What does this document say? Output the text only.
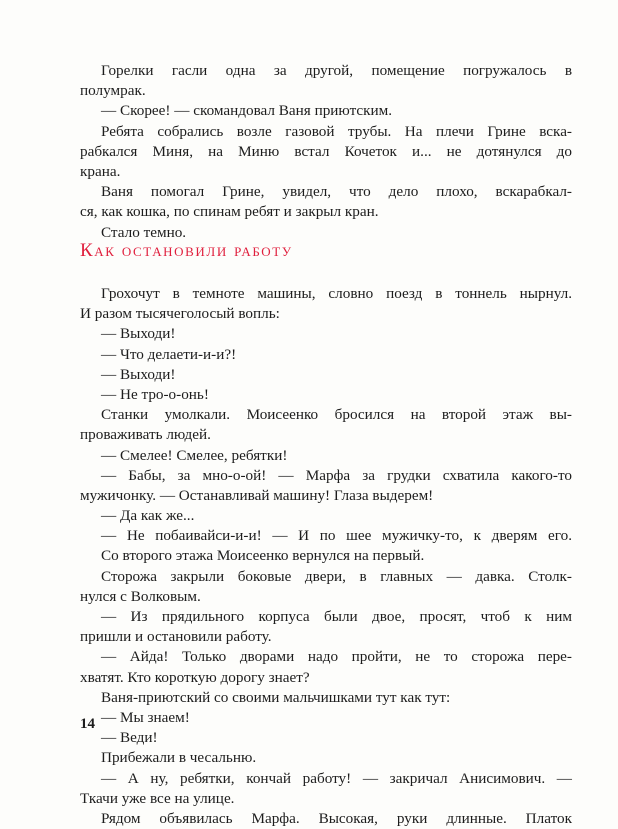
Горелки гасли одна за другой, помещение погружалось в
полумрак.
— Скорее! — скомандовал Ваня приютским.
Ребята собрались возле газовой трубы. На плечи Грине вска-
рабкался Миня, на Миню встал Кочеток и... не дотянулся до
крана.
Ваня помогал Грине, увидел, что дело плохо, вскарабкал-
ся, как кошка, по спинам ребят и закрыл кран.
Стало темно.
Как остановили работу
Грохочут в темноте машины, словно поезд в тоннель нырнул.
И разом тысячеголосый вопль:
— Выходи!
— Что делаети-и-и?!
— Выходи!
— Не тро-о-онь!
Станки умолкали. Моисеенко бросился на второй этаж вы-
проваживать людей.
— Смелее! Смелее, ребятки!
— Бабы, за мно-о-ой! — Марфа за грудки схватила какого-то
мужичонку. — Останавливай машину! Глаза выдерем!
— Да как же...
— Не побаивайси-и-и! — И по шее мужичку-то, к дверям его.
Со второго этажа Моисеенко вернулся на первый.
Сторожа закрыли боковые двери, в главных — давка. Столк-
нулся с Волковым.
— Из прядильного корпуса были двое, просят, чтоб к ним
пришли и остановили работу.
— Айда! Только дворами надо пройти, не то сторожа пере-
хватят. Кто короткую дорогу знает?
Ваня-приютский со своими мальчишками тут как тут:
— Мы знаем!
— Веди!
Прибежали в чесальню.
— А ну, ребятки, кончай работу! — закричал Анисимович. —
Ткачи уже все на улице.
Рядом объявилась Марфа. Высокая, руки длинные. Платок
14
